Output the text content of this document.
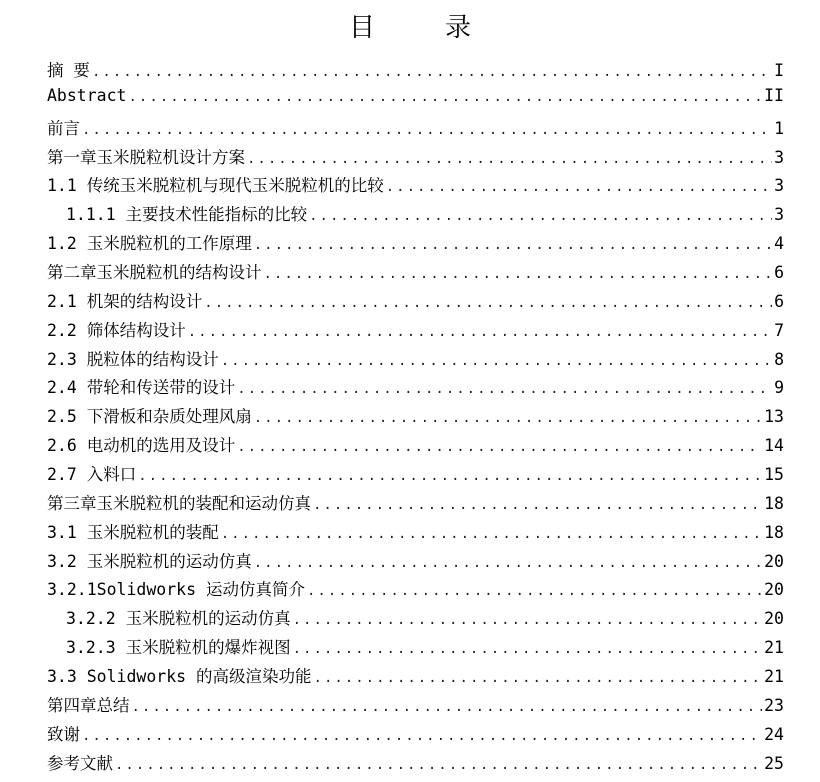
目　录
摘 要 .....	I
Abstract .....	II
前言 .....	1
第一章玉米脱粒机设计方案 .....	3
1.1 传统玉米脱粒机与现代玉米脱粒机的比较 .....	3
1.1.1 主要技术性能指标的比较 .....	3
1.2 玉米脱粒机的工作原理 .....	4
第二章玉米脱粒机的结构设计 .....	6
2.1 机架的结构设计 .....	6
2.2 筛体结构设计 .....	7
2.3 脱粒体的结构设计 .....	8
2.4 带轮和传送带的设计 .....	9
2.5 下滑板和杂质处理风扇 .....	13
2.6 电动机的选用及设计 .....	14
2.7 入料口 .....	15
第三章玉米脱粒机的装配和运动仿真 .....	18
3.1 玉米脱粒机的装配 .....	18
3.2 玉米脱粒机的运动仿真 .....	20
3.2.1Solidworks 运动仿真简介 .....	20
3.2.2 玉米脱粒机的运动仿真 .....	20
3.2.3 玉米脱粒机的爆炸视图 .....	21
3.3 Solidworks 的高级渲染功能 .....	21
第四章总结 .....	23
致谢 .....	24
参考文献 .....	25
